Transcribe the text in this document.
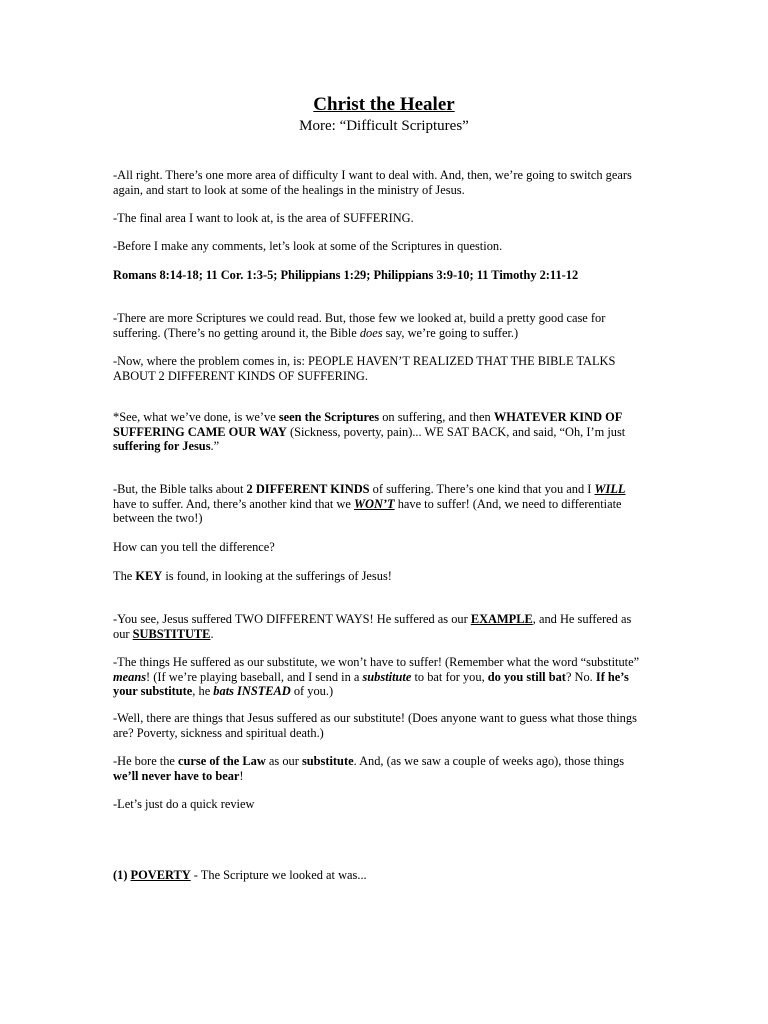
Christ the Healer
More: “Difficult Scriptures”
-All right. There’s one more area of difficulty I want to deal with. And, then, we’re going to switch gears
again, and start to look at some of the healings in the ministry of Jesus.
-The final area I want to look at, is the area of SUFFERING.
-Before I make any comments, let’s look at some of the Scriptures in question.
Romans 8:14-18; 11 Cor. 1:3-5; Philippians 1:29; Philippians 3:9-10; 11 Timothy 2:11-12
-There are more Scriptures we could read. But, those few we looked at, build a pretty good case for
suffering. (There’s no getting around it, the Bible does say, we’re going to suffer.)
-Now, where the problem comes in, is: PEOPLE HAVEN’T REALIZED THAT THE BIBLE TALKS
ABOUT 2 DIFFERENT KINDS OF SUFFERING.
*See, what we’ve done, is we’ve seen the Scriptures on suffering, and then WHATEVER KIND OF
SUFFERING CAME OUR WAY (Sickness, poverty, pain)... WE SAT BACK, and said, “Oh, I’m just
suffering for Jesus.”
-But, the Bible talks about 2 DIFFERENT KINDS of suffering. There’s one kind that you and I WILL
have to suffer. And, there’s another kind that we WON’T have to suffer! (And, we need to differentiate
between the two!)
How can you tell the difference?
The KEY is found, in looking at the sufferings of Jesus!
-You see, Jesus suffered TWO DIFFERENT WAYS! He suffered as our EXAMPLE, and He suffered as
our SUBSTITUTE.
-The things He suffered as our substitute, we won’t have to suffer! (Remember what the word “substitute”
means! (If we’re playing baseball, and I send in a substitute to bat for you, do you still bat? No. If he’s
your substitute, he bats INSTEAD of you.)
-Well, there are things that Jesus suffered as our substitute! (Does anyone want to guess what those things
are? Poverty, sickness and spiritual death.)
-He bore the curse of the Law as our substitute. And, (as we saw a couple of weeks ago), those things
we’ll never have to bear!
-Let’s just do a quick review
(1) POVERTY - The Scripture we looked at was...
